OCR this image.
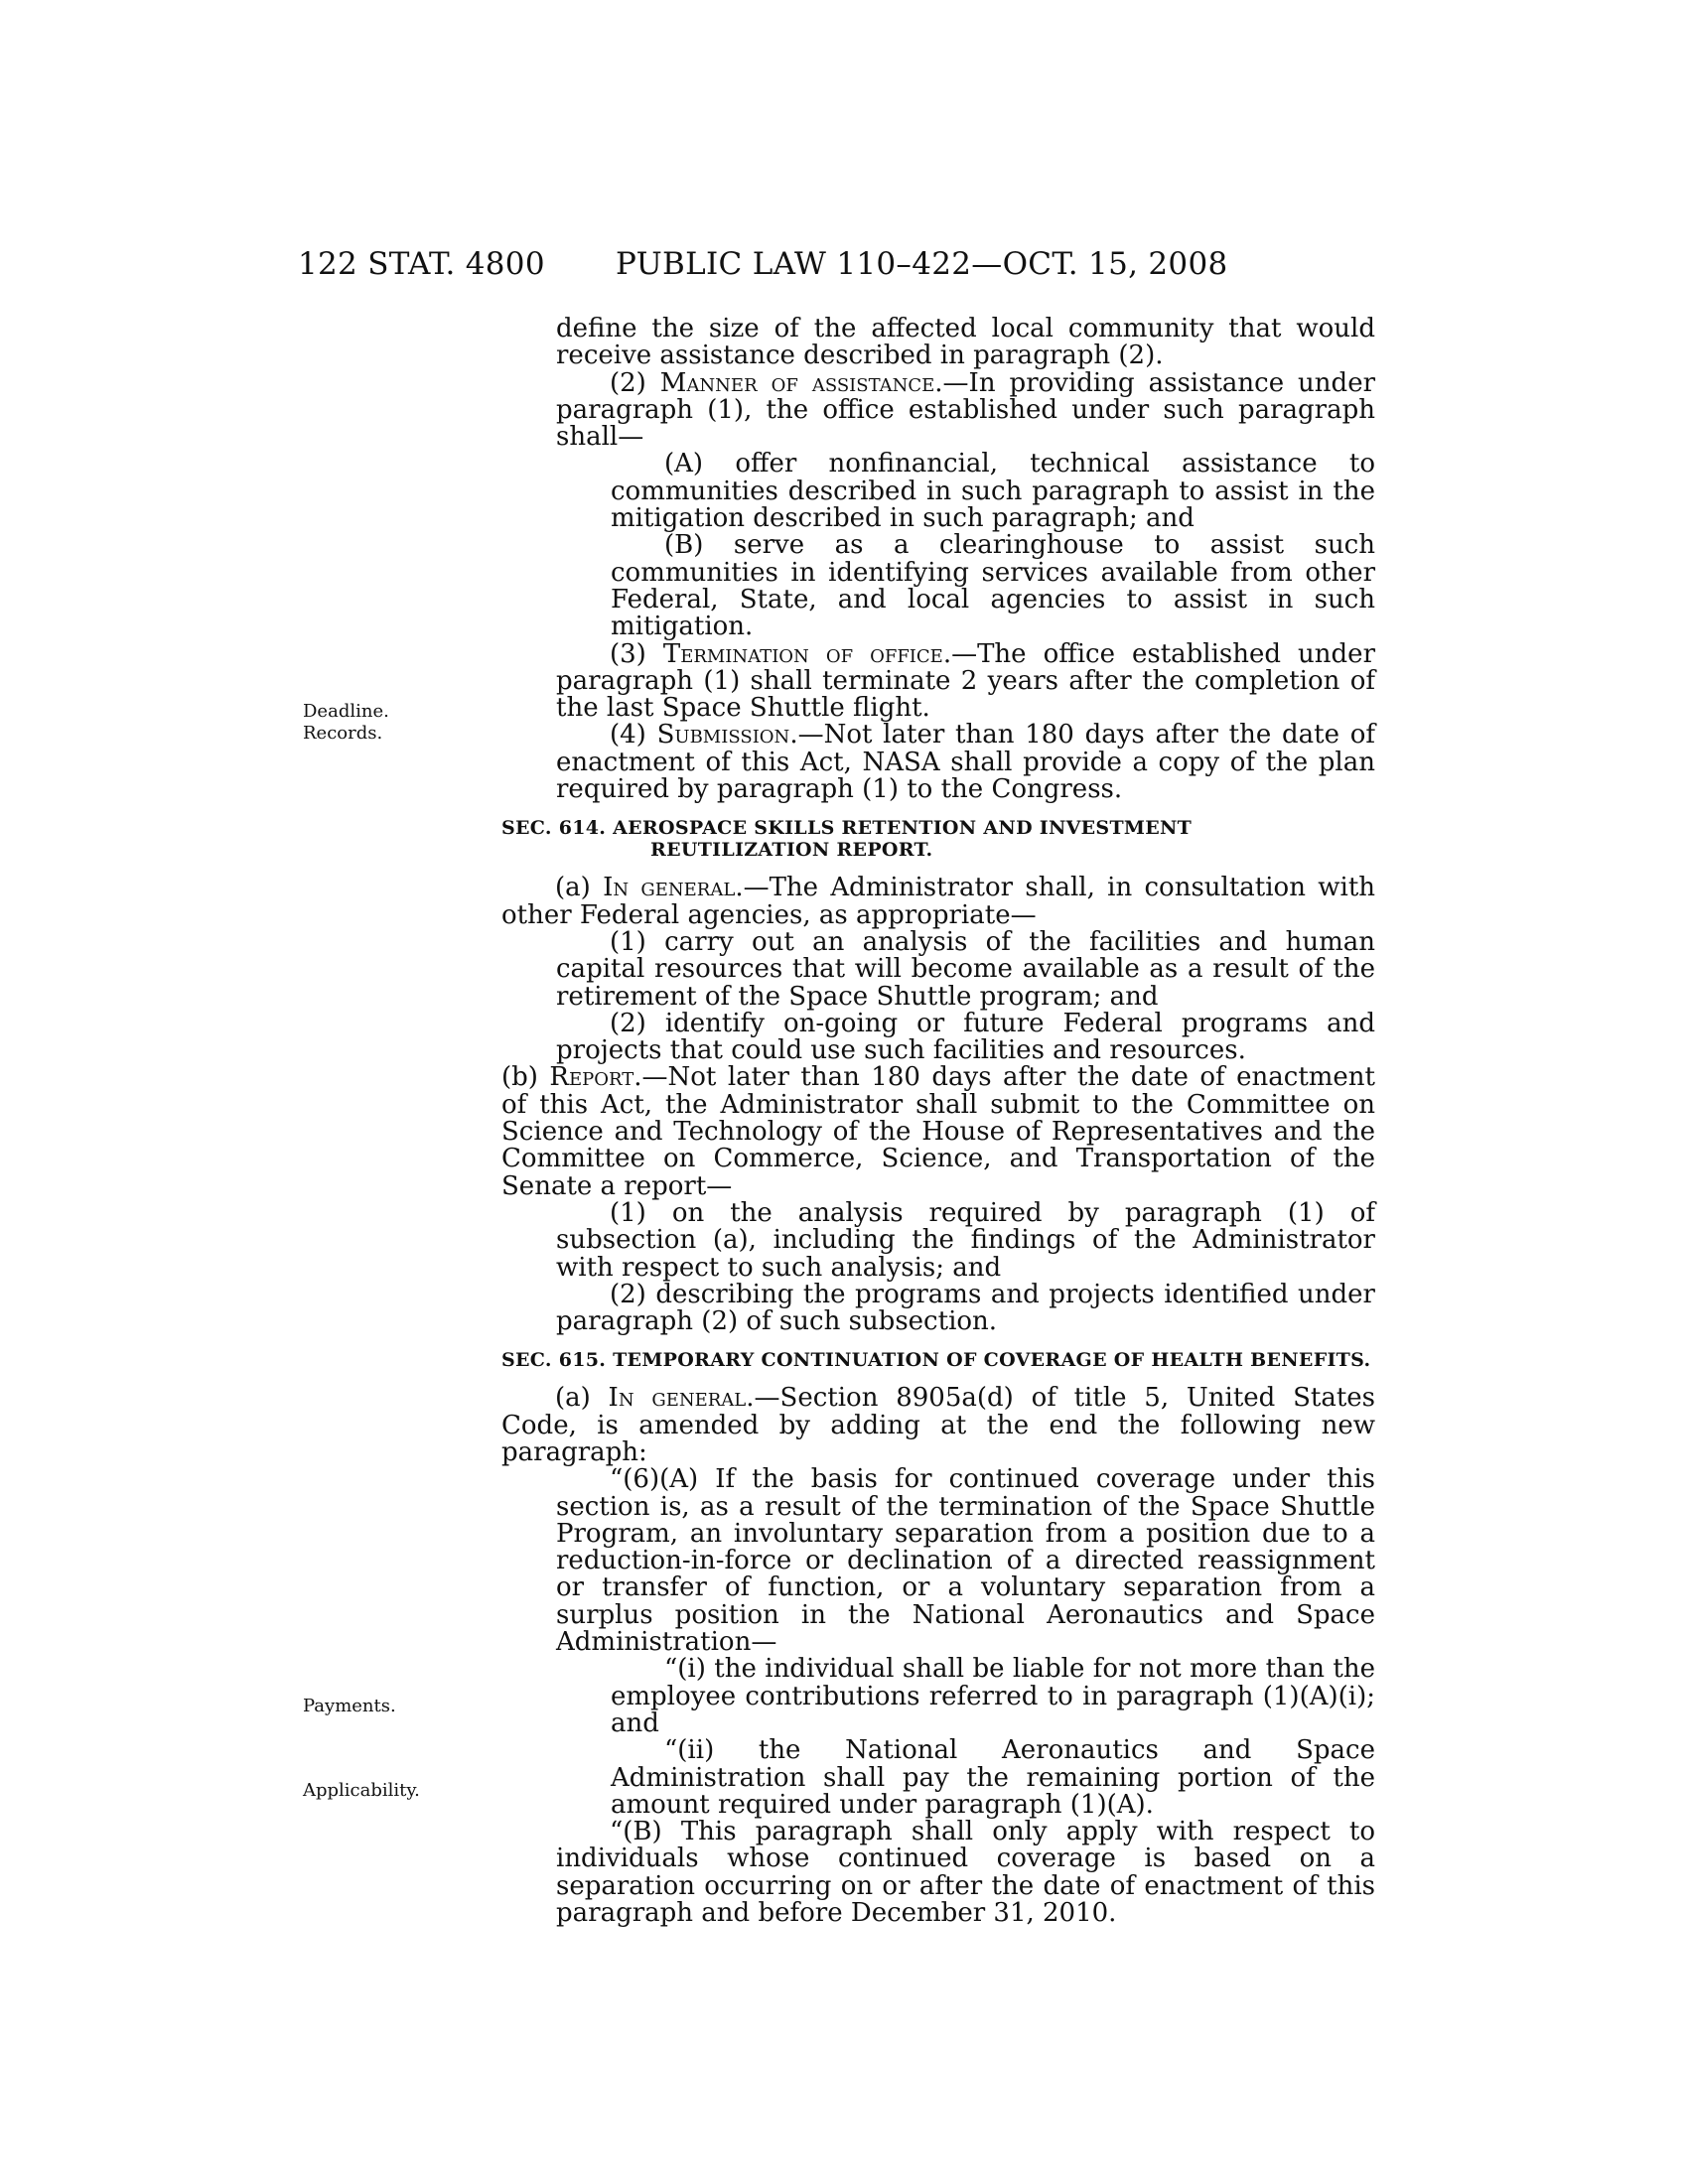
122 STAT. 4800 PUBLIC LAW 110–422—OCT. 15, 2008
Deadline.
Records.
Payments.
Applicability.

define the size of the affected local community that would receive assistance described in paragraph (2).

(2) Manner of assistance.—In providing assistance under paragraph (1), the office established under such paragraph shall—

(A) offer nonfinancial, technical assistance to communities described in such paragraph to assist in the mitigation described in such paragraph; and

(B) serve as a clearinghouse to assist such communities in identifying services available from other Federal, State, and local agencies to assist in such mitigation.

(3) Termination of office.—The office established under paragraph (1) shall terminate 2 years after the completion of the last Space Shuttle flight.

(4) Submission.—Not later than 180 days after the date of enactment of this Act, NASA shall provide a copy of the plan required by paragraph (1) to the Congress.

SEC. 614. AEROSPACE SKILLS RETENTION AND INVESTMENT REUTILIZATION REPORT.

(a) In general.—The Administrator shall, in consultation with other Federal agencies, as appropriate—

(1) carry out an analysis of the facilities and human capital resources that will become available as a result of the retirement of the Space Shuttle program; and

(2) identify on-going or future Federal programs and projects that could use such facilities and resources.

(b) Report.—Not later than 180 days after the date of enactment of this Act, the Administrator shall submit to the Committee on Science and Technology of the House of Representatives and the Committee on Commerce, Science, and Transportation of the Senate a report—

(1) on the analysis required by paragraph (1) of subsection (a), including the findings of the Administrator with respect to such analysis; and

(2) describing the programs and projects identified under paragraph (2) of such subsection.

SEC. 615. TEMPORARY CONTINUATION OF COVERAGE OF HEALTH BENEFITS.

(a) In general.—Section 8905a(d) of title 5, United States Code, is amended by adding at the end the following new paragraph:

“(6)(A) If the basis for continued coverage under this section is, as a result of the termination of the Space Shuttle Program, an involuntary separation from a position due to a reduction-in-force or declination of a directed reassignment or transfer of function, or a voluntary separation from a surplus position in the National Aeronautics and Space Administration—

“(i) the individual shall be liable for not more than the employee contributions referred to in paragraph (1)(A)(i); and

“(ii) the National Aeronautics and Space Administration shall pay the remaining portion of the amount required under paragraph (1)(A).

“(B) This paragraph shall only apply with respect to individuals whose continued coverage is based on a separation occurring on or after the date of enactment of this paragraph and before December 31, 2010.
